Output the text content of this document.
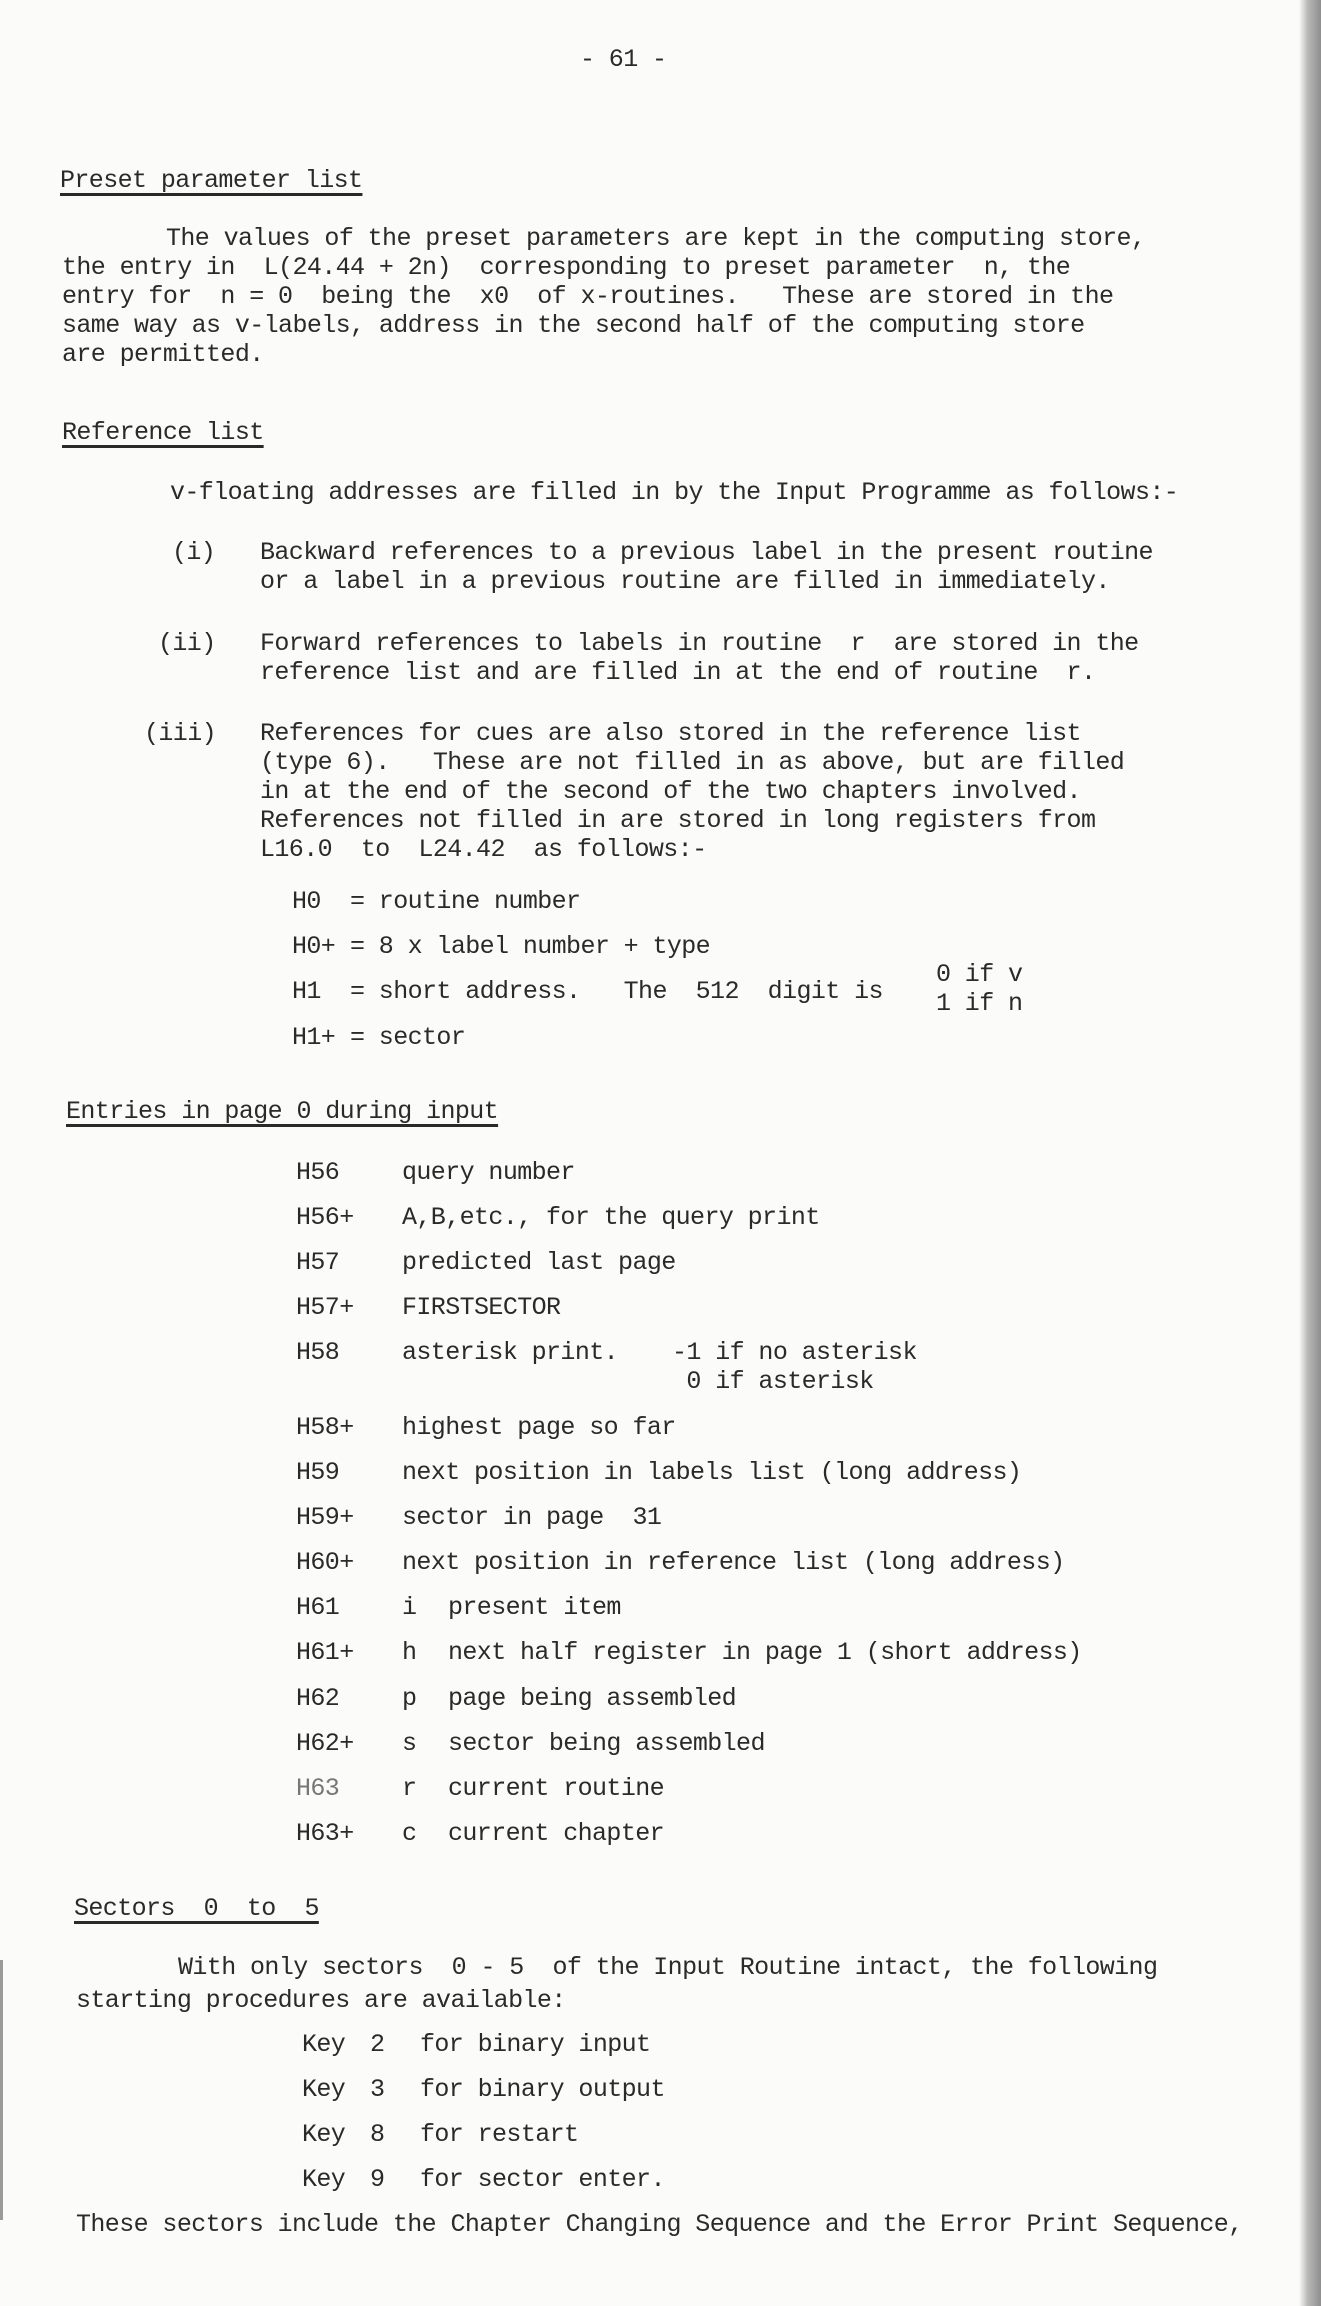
- 61 -
Preset parameter list
The values of the preset parameters are kept in the computing store,
the entry in  L(24.44 + 2n)  corresponding to preset parameter  n, the
entry for  n = 0  being the  x0  of x-routines.   These are stored in the
same way as v-labels, address in the second half of the computing store
are permitted.
Reference list
v-floating addresses are filled in by the Input Programme as follows:-
(i) Backward references to a previous label in the present routine
or a label in a previous routine are filled in immediately.
(ii) Forward references to labels in routine  r  are stored in the
reference list and are filled in at the end of routine  r.
(iii) References for cues are also stored in the reference list
(type 6).   These are not filled in as above, but are filled
in at the end of the second of the two chapters involved.
References not filled in are stored in long registers from
L16.0  to  L24.42  as follows:-
H0 = routine number
H0+ = 8 x label number + type
H1 = short address.   The  512  digit is
0 if v
1 if n
H1+ = sector
Entries in page 0 during input
H56	query number
H56+ A,B,etc., for the query print
H57	predicted last page
H57+ FIRSTSECTOR
H58	asterisk print. -1 if no asterisk
0 if asterisk
H58+ highest page so far
H59	next position in labels list (long address)
H59+ sector in page  31
H60+ next position in reference list (long address)
H61	i present item
H61+ h next half register in page 1 (short address)
H62	p page being assembled
H62+ s sector being assembled
H63	r current routine
H63+ c current chapter
Sectors  0  to  5
With only sectors  0 - 5  of the Input Routine intact, the following
starting procedures are available:
Key 2 for binary input
Key 3 for binary output
Key 8 for restart
Key 9 for sector enter.
These sectors include the Chapter Changing Sequence and the Error Print Sequence,
